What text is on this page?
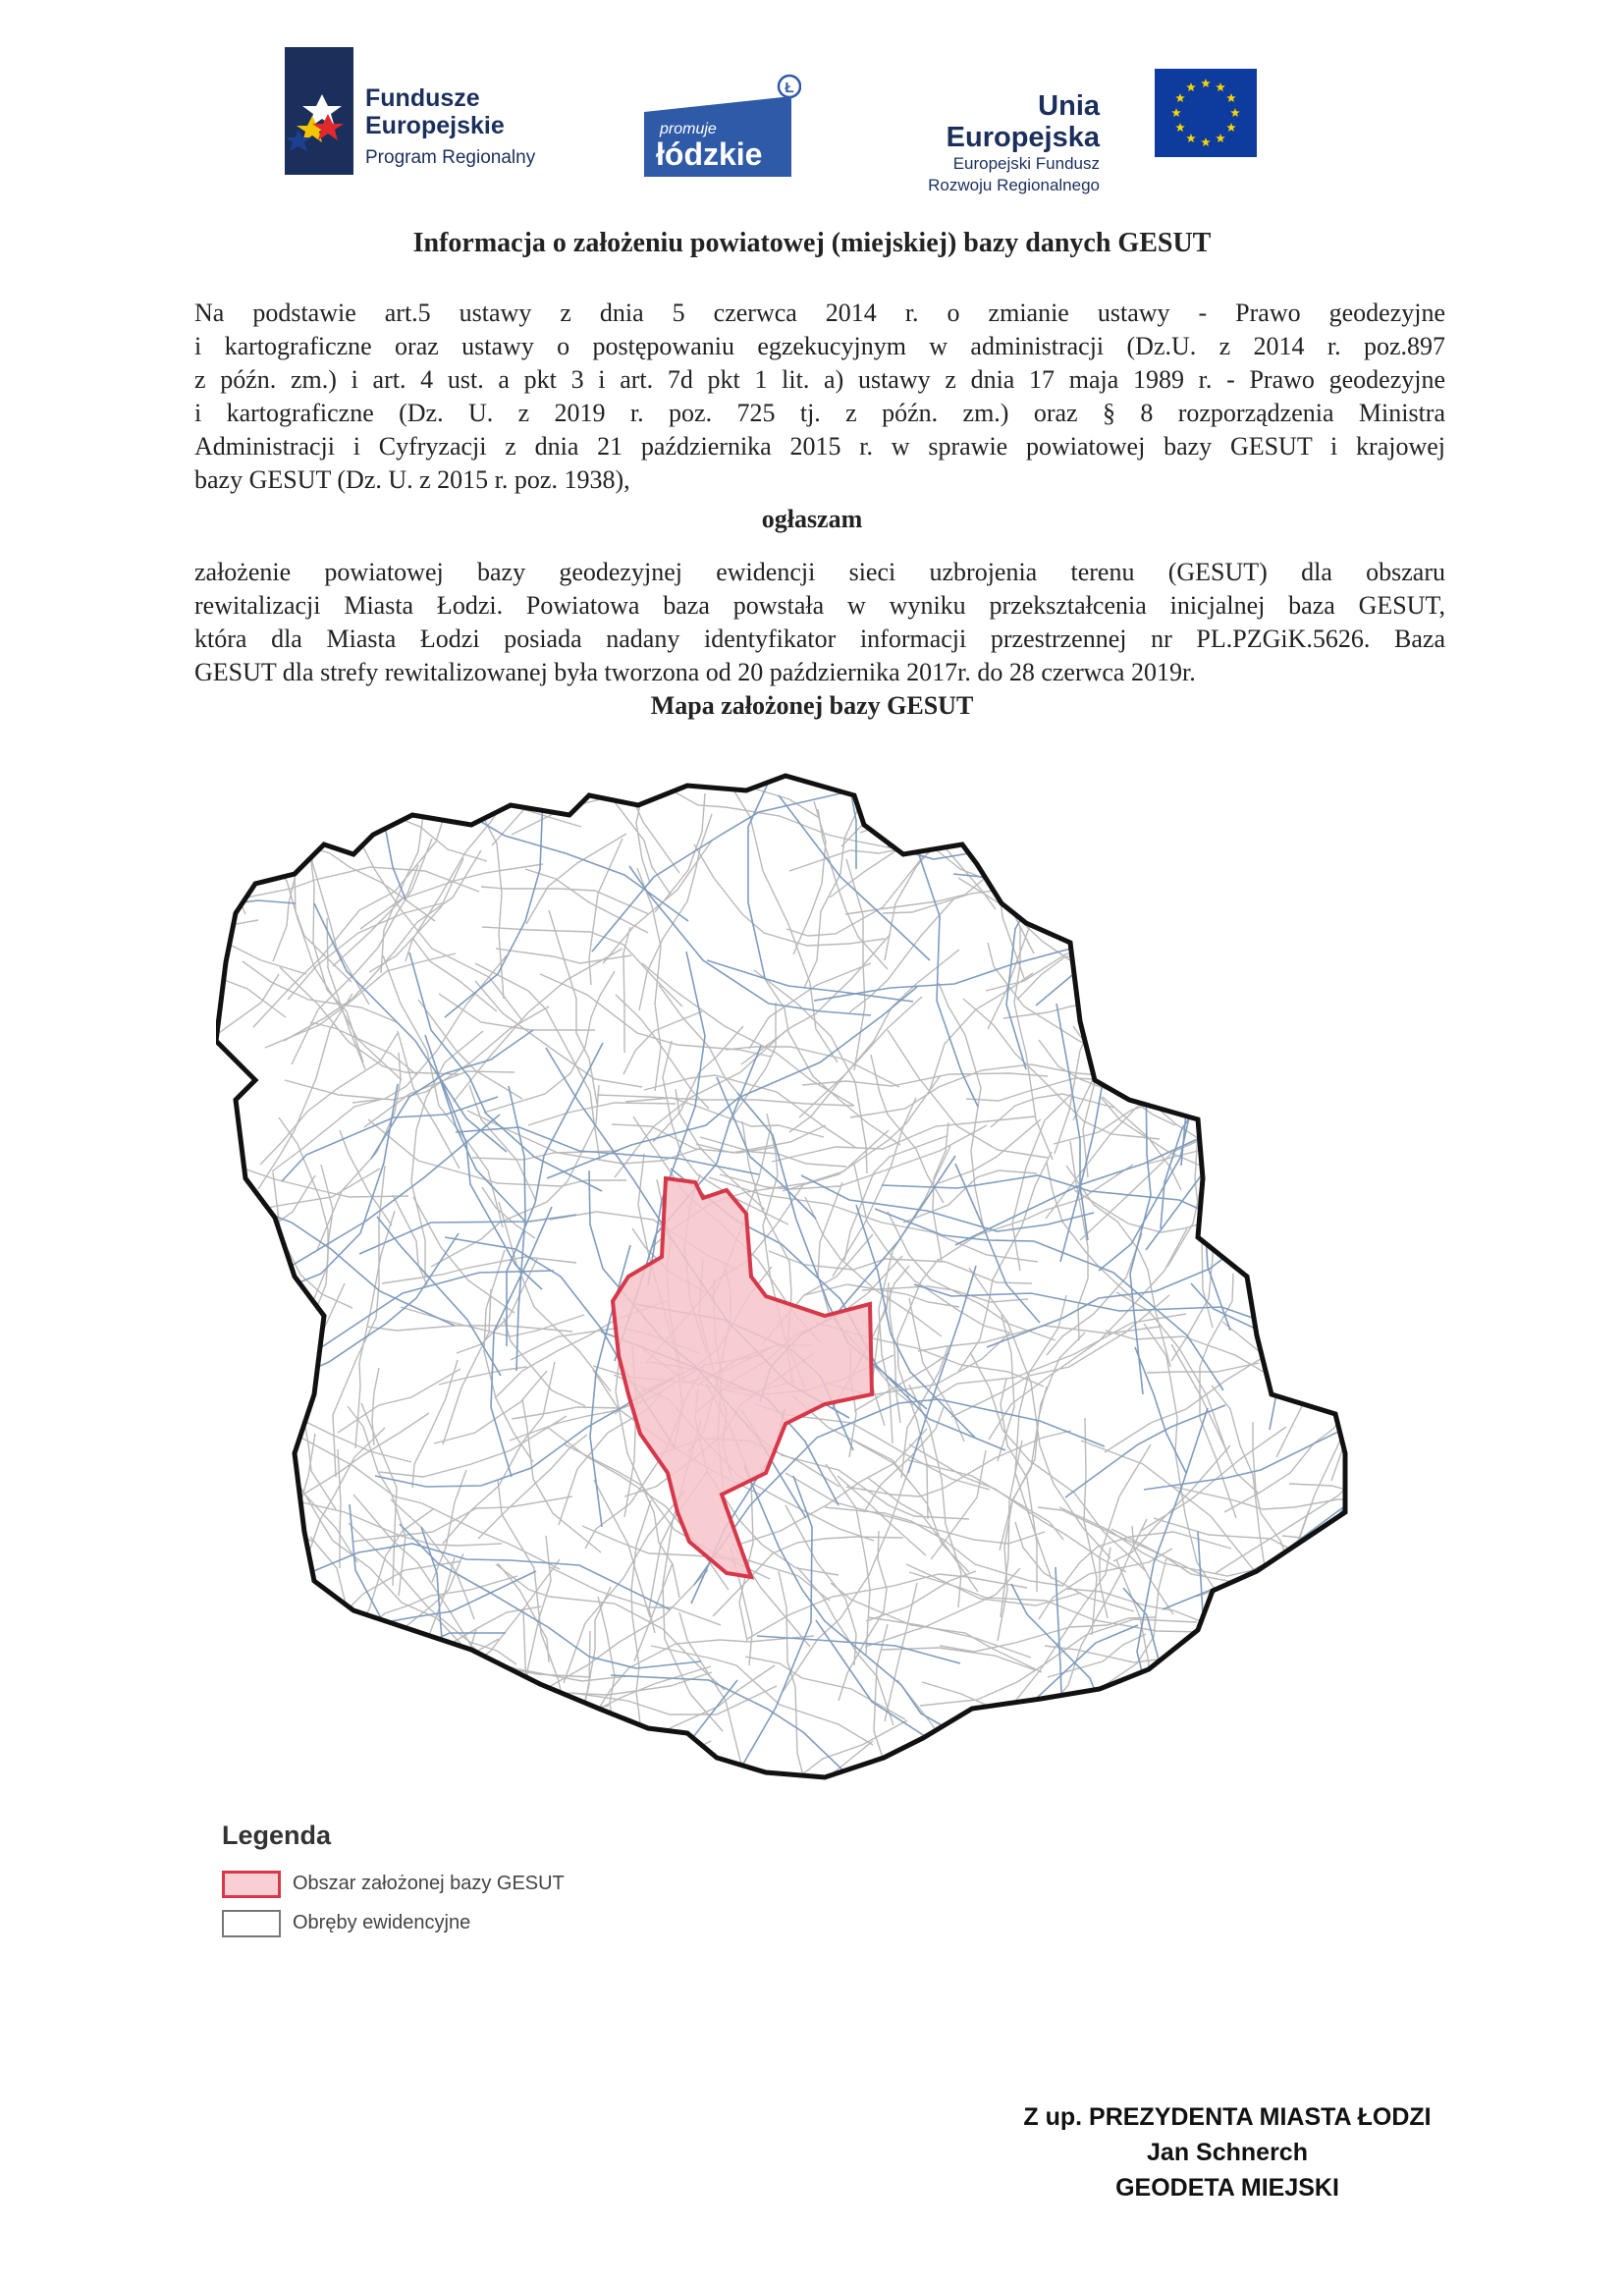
Fundusze
Europejskie
Program Regionalny
promuje
łódzkie
Ł
Unia Europejska
Europejski Fundusz
Rozwoju Regionalnego
Informacja o założeniu powiatowej (miejskiej) bazy danych GESUT
Na podstawie art.5 ustawy z dnia 5 czerwca 2014 r. o zmianie ustawy - Prawo geodezyjne
i kartograficzne oraz ustawy o postępowaniu egzekucyjnym w administracji (Dz.U. z 2014 r. poz.897
z późn. zm.) i art. 4 ust. a pkt 3 i art. 7d pkt 1 lit. a) ustawy z dnia 17 maja 1989 r. - Prawo geodezyjne
i kartograficzne (Dz. U. z 2019 r. poz. 725 tj. z późn. zm.) oraz § 8 rozporządzenia Ministra
Administracji i Cyfryzacji z dnia 21 października 2015 r. w sprawie powiatowej bazy GESUT i krajowej
bazy GESUT (Dz. U. z 2015 r. poz. 1938),
ogłaszam
założenie powiatowej bazy geodezyjnej ewidencji sieci uzbrojenia terenu (GESUT) dla obszaru
rewitalizacji Miasta Łodzi. Powiatowa baza powstała w wyniku przekształcenia inicjalnej baza GESUT,
która dla Miasta Łodzi posiada nadany identyfikator informacji przestrzennej nr PL.PZGiK.5626. Baza
GESUT dla strefy rewitalizowanej była tworzona od 20 października 2017r. do 28 czerwca 2019r.
Mapa założonej bazy GESUT
Legenda
Obszar założonej bazy GESUT
Obręby ewidencyjne
Z up. PREZYDENTA MIASTA ŁODZI
Jan Schnerch
GEODETA MIEJSKI
